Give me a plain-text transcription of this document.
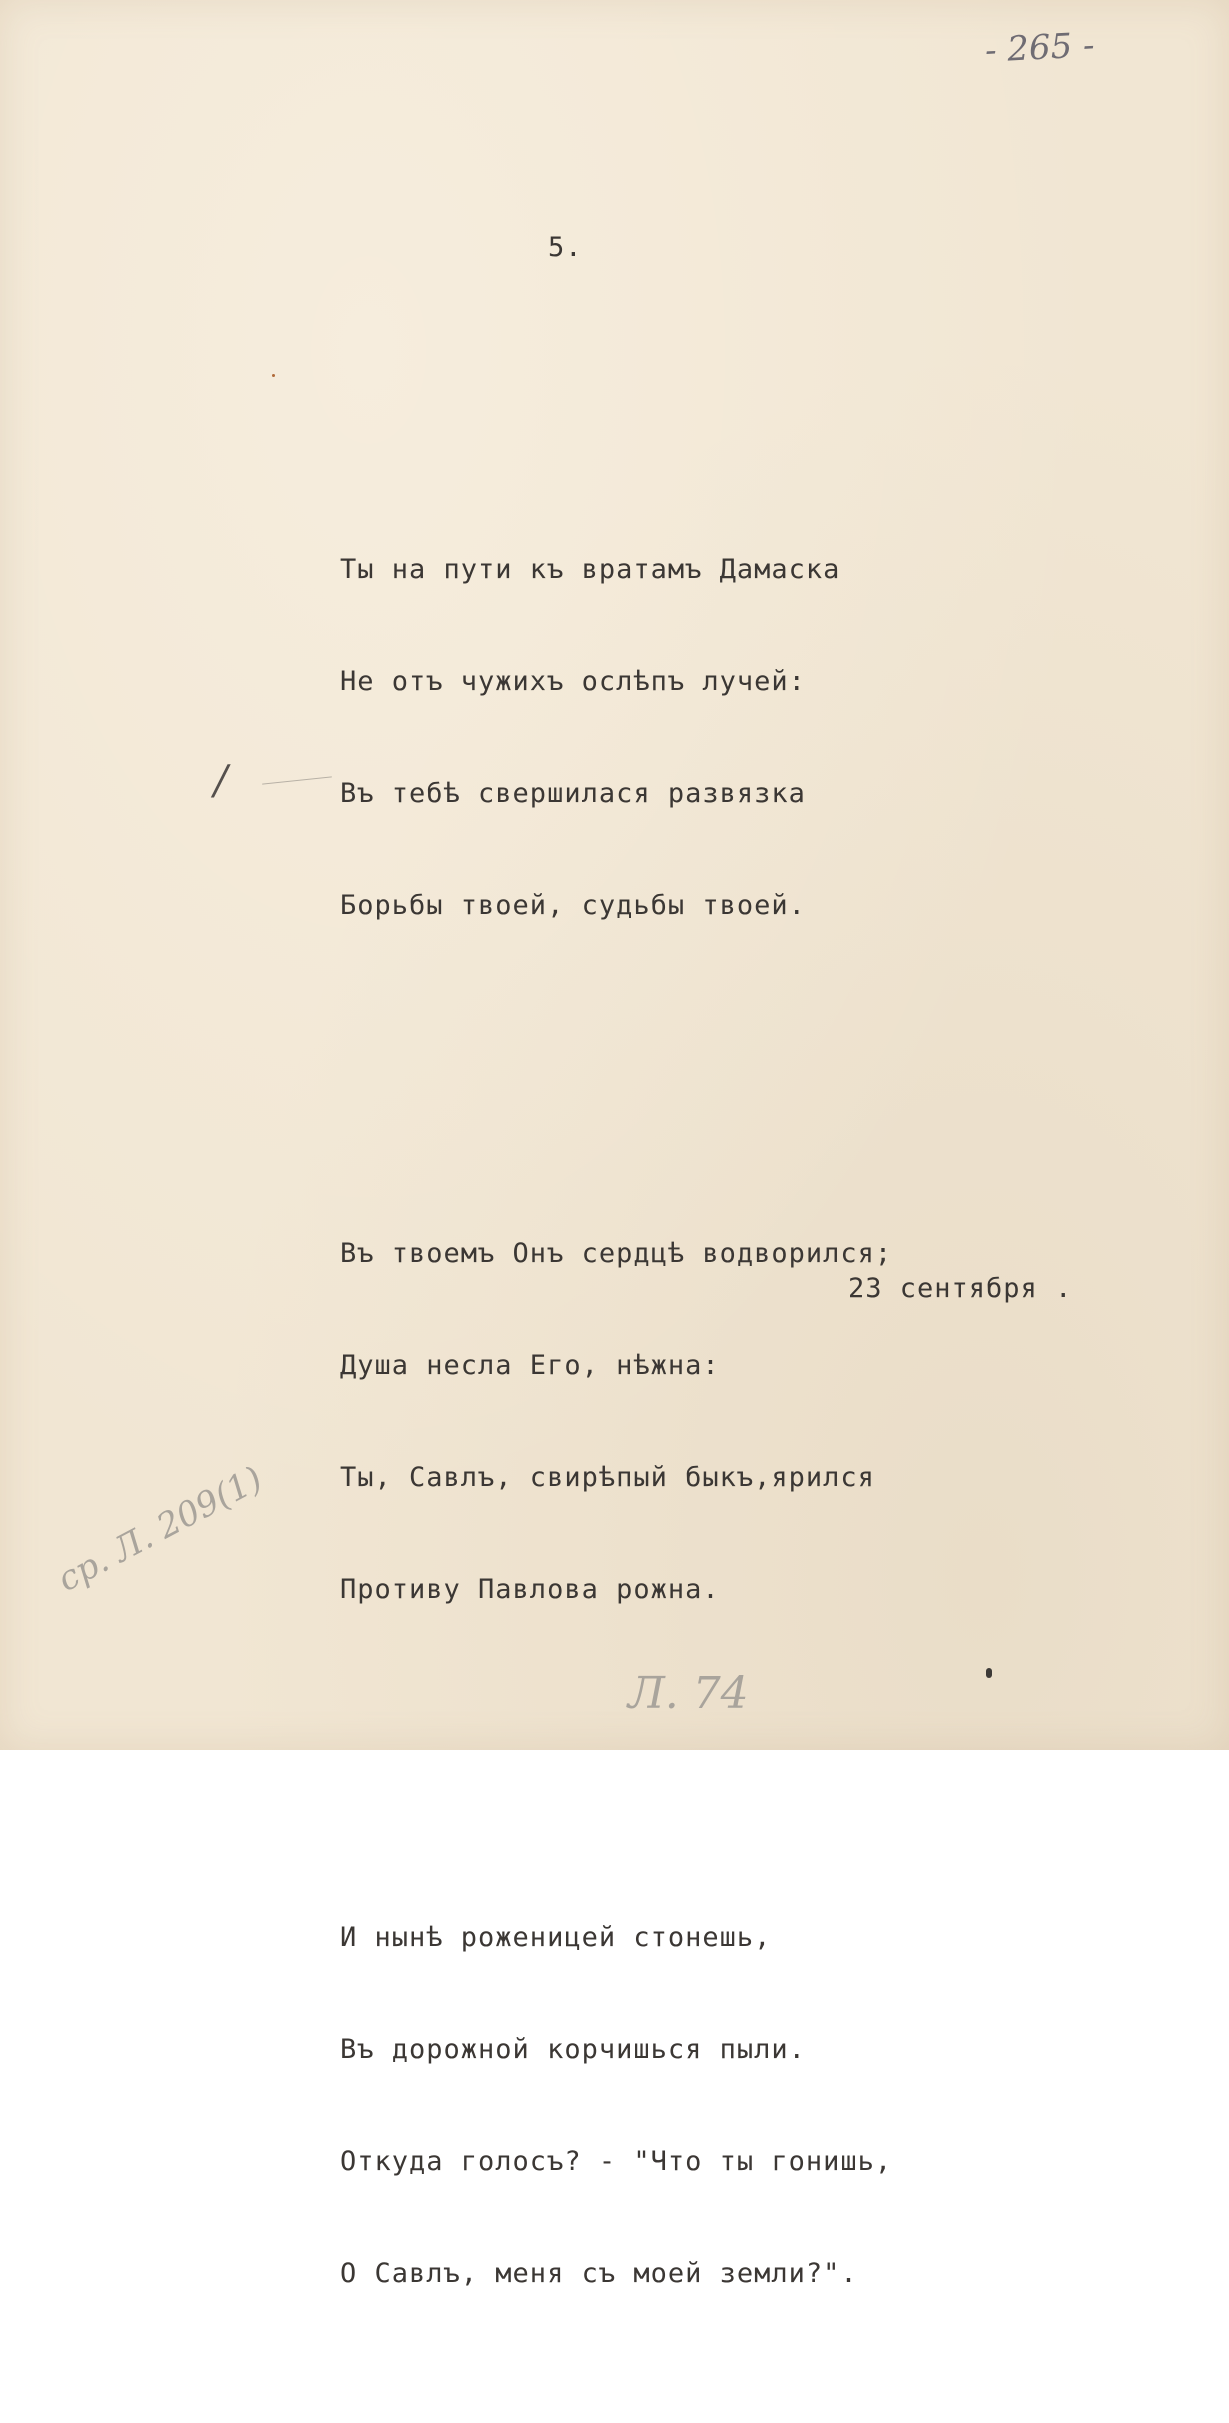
- 265 -
5.

Ты на пути къ вратамъ Дамаска

Не отъ чужихъ ослѣпъ лучей:

Въ тебѣ свершилася развязка

Борьбы твоей, судьбы твоей.

Въ твоемъ Онъ сердцѣ водворился;

Душа несла Его, нѣжна:

Ты, Савлъ, свирѣпый быкъ,ярился

Противу Павлова рожна.

И нынѣ роженицей стонешь,

Въ дорожной корчишься пыли.

Откуда голосъ? - "Что ты гонишь,

О Савлъ, меня съ моей земли?".

/
23 сентября .
ср. Л. 209(1)
Л. 74
